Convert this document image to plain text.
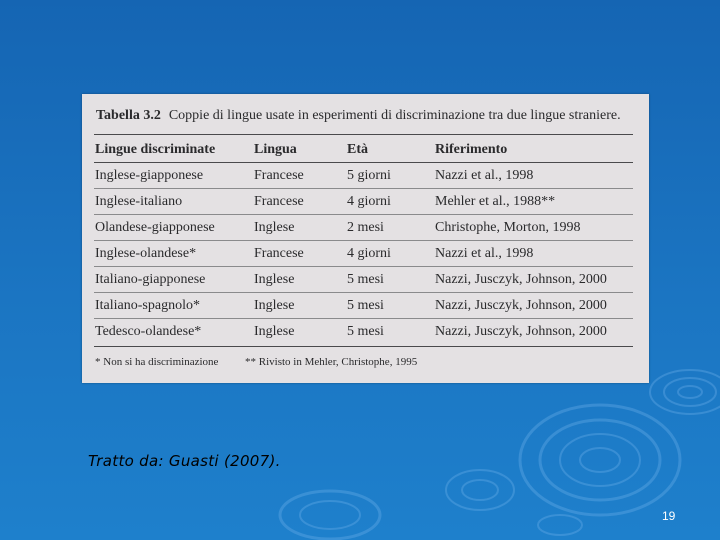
Tabella 3.2 Coppie di lingue usate in esperimenti di discriminazione tra due lingue straniere.
Lingue discriminate	Lingua	Età	Riferimento
Inglese-giapponese	Francese	5 giorni	Nazzi et al., 1998
Inglese-italiano	Francese	4 giorni	Mehler et al., 1988**
Olandese-giapponese	Inglese	2 mesi	Christophe, Morton, 1998
Inglese-olandese*	Francese	4 giorni	Nazzi et al., 1998
Italiano-giapponese	Inglese	5 mesi	Nazzi, Jusczyk, Johnson, 2000
Italiano-spagnolo*	Inglese	5 mesi	Nazzi, Jusczyk, Johnson, 2000
Tedesco-olandese*	Inglese	5 mesi	Nazzi, Jusczyk, Johnson, 2000
* Non si ha discriminazione ** Rivisto in Mehler, Christophe, 1995
Tratto da: Guasti (2007).
19
